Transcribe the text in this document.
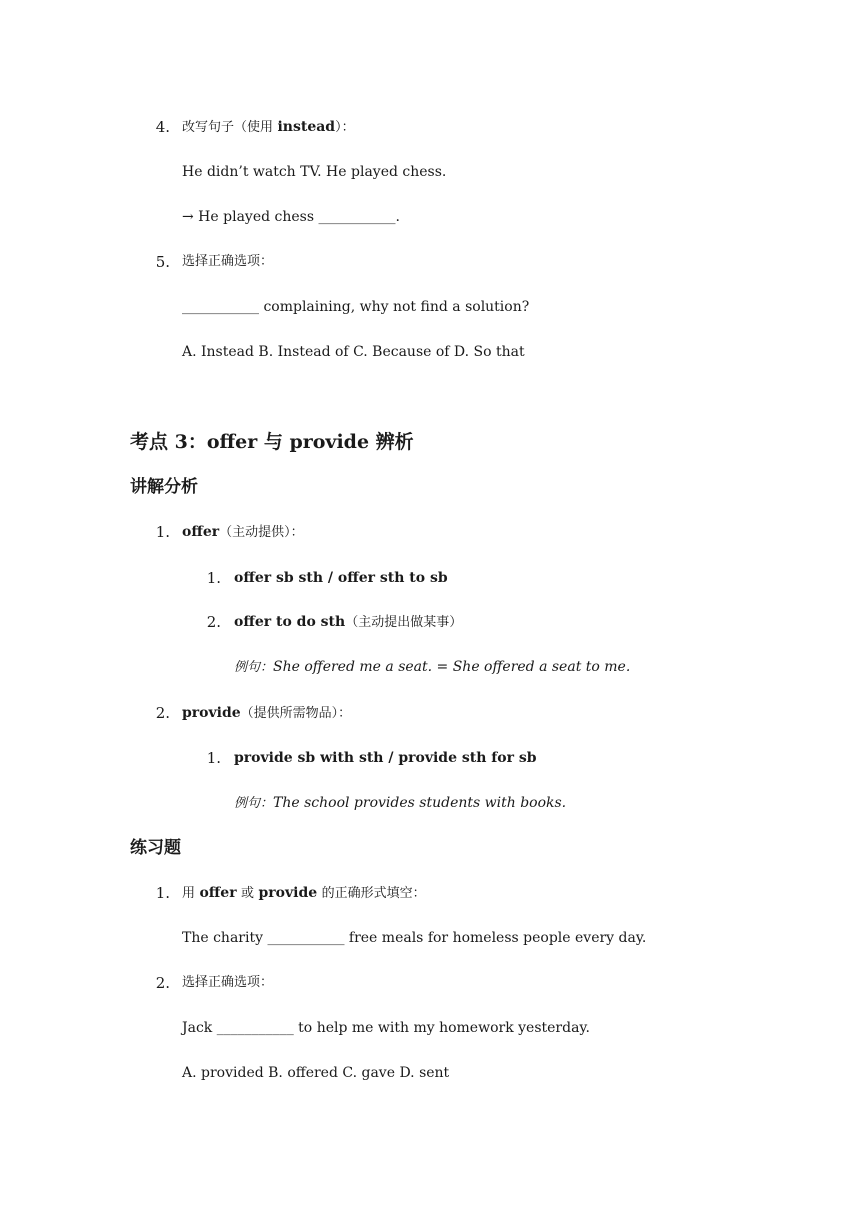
4. 改写句子（使用 instead）：
He didn’t watch TV. He played chess.
→ He played chess ___________.
5. 选择正确选项：
___________ complaining, why not find a solution?
A. Instead B. Instead of C. Because of D. So that
考点 3：offer 与 provide 辨析
讲解分析
1. offer（主动提供）：
1. offer sb sth / offer sth to sb
2. offer to do sth（主动提出做某事）
例句：She offered me a seat. = She offered a seat to me.
2. provide（提供所需物品）：
1. provide sb with sth / provide sth for sb
例句：The school provides students with books.
练习题
1. 用 offer 或 provide 的正确形式填空：
The charity ___________ free meals for homeless people every day.
2. 选择正确选项：
Jack ___________ to help me with my homework yesterday.
A. provided B. offered C. gave D. sent
